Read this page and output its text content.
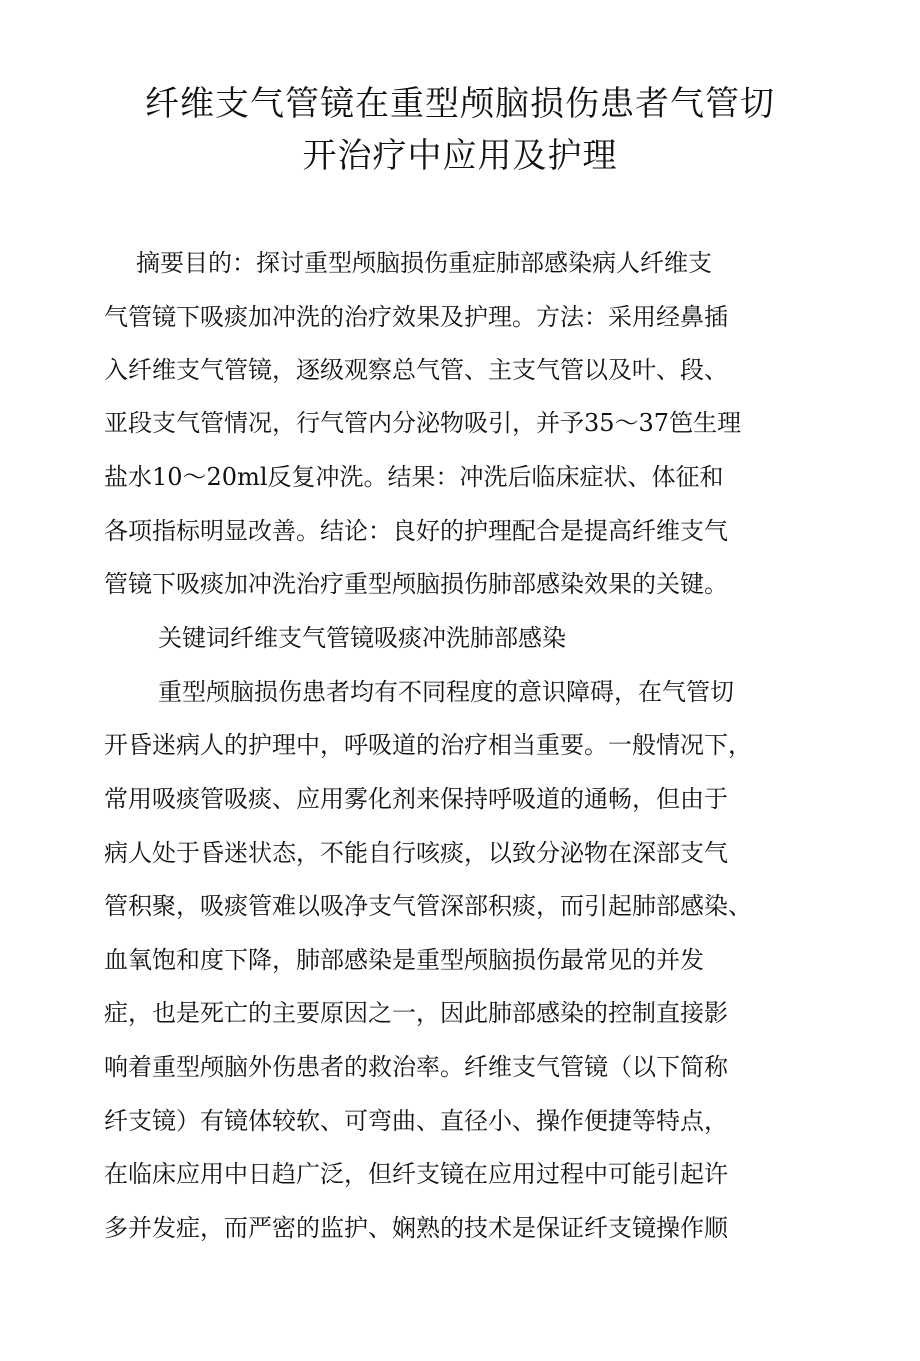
纤维支气管镜在重型颅脑损伤患者气管切
开治疗中应用及护理
摘要目的：探讨重型颅脑损伤重症肺部感染病人纤维支
气管镜下吸痰加冲洗的治疗效果及护理。方法：采用经鼻插
入纤维支气管镜，逐级观察总气管、主支气管以及叶、段、
亚段支气管情况，行气管内分泌物吸引，并予35～37笆生理
盐水10～20ml反复冲洗。结果：冲洗后临床症状、体征和
各项指标明显改善。结论：良好的护理配合是提高纤维支气
管镜下吸痰加冲洗治疗重型颅脑损伤肺部感染效果的关键。
关键词纤维支气管镜吸痰冲洗肺部感染
重型颅脑损伤患者均有不同程度的意识障碍，在气管切
开昏迷病人的护理中，呼吸道的治疗相当重要。一般情况下，
常用吸痰管吸痰、应用雾化剂来保持呼吸道的通畅，但由于
病人处于昏迷状态，不能自行咳痰，以致分泌物在深部支气
管积聚，吸痰管难以吸净支气管深部积痰，而引起肺部感染、
血氧饱和度下降，肺部感染是重型颅脑损伤最常见的并发
症，也是死亡的主要原因之一，因此肺部感染的控制直接影
响着重型颅脑外伤患者的救治率。纤维支气管镜（以下简称
纤支镜）有镜体较软、可弯曲、直径小、操作便捷等特点，
在临床应用中日趋广泛，但纤支镜在应用过程中可能引起许
多并发症，而严密的监护、娴熟的技术是保证纤支镜操作顺
